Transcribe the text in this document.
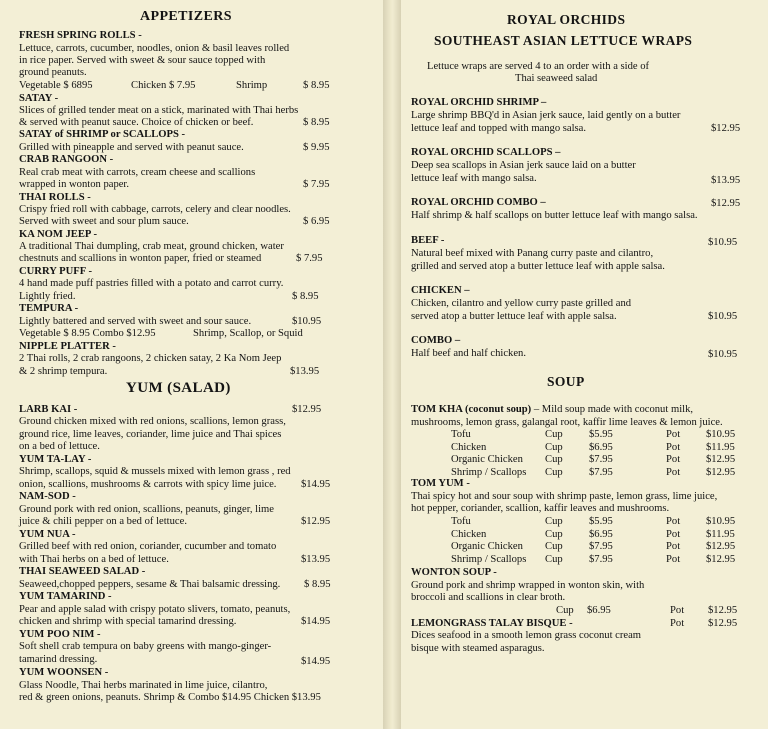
APPETIZERS
FRESH SPRING ROLLS -
Lettuce, carrots, cucumber, noodles, onion & basil leaves rolled
in rice paper. Served with sweet & sour sauce topped with
ground peanuts.
Vegetable $ 6895	Chicken $ 7.95	Shrimp	$ 8.95
SATAY -
Slices of grilled tender meat on a stick, marinated with Thai herbs
& served with peanut sauce. Choice of chicken or beef.	$ 8.95
SATAY of SHRIMP or SCALLOPS -
Grilled with pineapple and served with peanut sauce.	$ 9.95
CRAB RANGOON -
Real crab meat with carrots, cream cheese and scallions
wrapped in wonton paper.	$ 7.95
THAI ROLLS -
Crispy fried roll with cabbage, carrots, celery and clear noodles.
Served with sweet and sour plum sauce.	$ 6.95
KA NOM JEEP -
A traditional Thai dumpling, crab meat, ground chicken, water
chestnuts and scallions in wonton paper, fried or steamed	$ 7.95
CURRY PUFF -
4 hand made puff pastries filled with a potato and carrot curry.
Lightly fried.	$ 8.95
TEMPURA -
Lightly battered and served with sweet and sour sauce.	$10.95
Vegetable $ 8.95 Combo $12.95	Shrimp, Scallop, or Squid
NIPPLE PLATTER -
2 Thai rolls, 2 crab rangoons, 2 chicken satay, 2 Ka Nom Jeep
& 2 shrimp tempura.	$13.95
YUM (SALAD)
LARB KAI -	$12.95
Ground chicken mixed with red onions, scallions, lemon grass,
ground rice, lime leaves, coriander, lime juice and Thai spices
on a bed of lettuce.
YUM TA-LAY -
Shrimp, scallops, squid & mussels mixed with lemon grass , red
onion, scallions, mushrooms & carrots with spicy lime juice. $14.95
NAM-SOD -
Ground pork with red onion, scallions, peanuts, ginger, lime
juice & chili pepper on a bed of lettuce.	$12.95
YUM NUA -
Grilled beef with red onion, coriander, cucumber and tomato
with Thai herbs on a bed of lettuce.	$13.95
THAI SEAWEED SALAD -
Seaweed,chopped peppers, sesame & Thai balsamic dressing. $ 8.95
YUM TAMARIND -
Pear and apple salad with crispy potato slivers, tomato, peanuts,
chicken and shrimp with special tamarind dressing.	$14.95
YUM POO NIM -
Soft shell crab tempura on baby greens with mango-ginger-
tamarind dressing.	$14.95
YUM WOONSEN -
Glass Noodle, Thai herbs marinated in lime juice, cilantro,
red & green onions, peanuts. Shrimp & Combo $14.95 Chicken $13.95
ROYAL ORCHIDS
SOUTHEAST ASIAN LETTUCE WRAPS
Lettuce wraps are served 4 to an order with a side of
Thai seaweed salad
ROYAL ORCHID SHRIMP –
Large shrimp BBQ'd in Asian jerk sauce, laid gently on a butter
lettuce leaf and topped with mango salsa.	$12.95
ROYAL ORCHID SCALLOPS –
Deep sea scallops in Asian jerk sauce laid on a butter
lettuce leaf with mango salsa.	$13.95
ROYAL ORCHID COMBO –	$12.95
Half shrimp & half scallops on butter lettuce leaf with mango salsa.
BEEF -	$10.95
Natural beef mixed with Panang curry paste and cilantro,
grilled and served atop a butter lettuce leaf with apple salsa.
CHICKEN –
Chicken, cilantro and yellow curry paste grilled and
served atop a butter lettuce leaf with apple salsa.	$10.95
COMBO –
Half beef and half chicken.	$10.95
SOUP
TOM KHA (coconut soup) – Mild soup made with coconut milk,
mushrooms, lemon grass, galangal root, kaffir lime leaves & lemon juice.
Tofu	Cup $5.95	Pot $10.95
Chicken	Cup $6.95	Pot $11.95
Organic Chicken Cup $7.95	Pot $12.95
Shrimp / Scallops Cup $7.95	Pot $12.95
TOM YUM -
Thai spicy hot and sour soup with shrimp paste, lemon grass, lime juice,
hot pepper, coriander, scallion, kaffir leaves and mushrooms.
Tofu	Cup $5.95	Pot $10.95
Chicken	Cup $6.95	Pot $11.95
Organic Chicken Cup $7.95	Pot $12.95
Shrimp / Scallops Cup $7.95	Pot $12.95
WONTON SOUP -
Ground pork and shrimp wrapped in wonton skin, with
broccoli and scallions in clear broth.
Cup $6.95	Pot $12.95
LEMONGRASS TALAY BISQUE -	Pot $12.95
Dices seafood in a smooth lemon grass coconut cream
bisque with steamed asparagus.
